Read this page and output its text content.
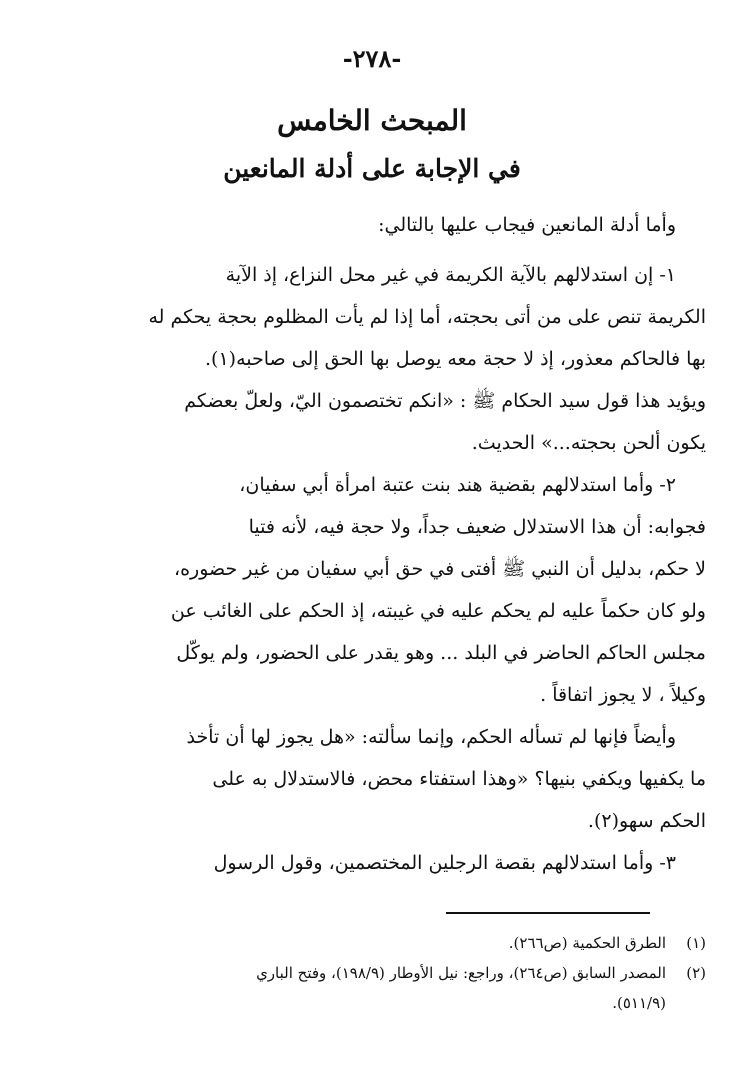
-٢٧٨-
المبحث الخامس
في الإجابة على أدلة المانعين
وأما أدلة المانعين فيجاب عليها بالتالي:
١- إن استدلالهم بالآية الكريمة في غير محل النزاع، إذ الآية
الكريمة تنص على من أتى بحجته، أما إذا لم يأت المظلوم بحجة يحكم له
بها فالحاكم معذور، إذ لا حجة معه يوصل بها الحق إلى صاحبه(١).
ويؤيد هذا قول سيد الحكام ﷺ : «انكم تختصمون اليّ، ولعلّ بعضكم
يكون ألحن بحجته...» الحديث.
٢- وأما استدلالهم بقضية هند بنت عتبة امرأة أبي سفيان،
فجوابه: أن هذا الاستدلال ضعيف جداً، ولا حجة فيه، لأنه فتيا
لا حكم، بدليل أن النبي ﷺ أفتى في حق أبي سفيان من غير حضوره،
ولو كان حكماً عليه لم يحكم عليه في غيبته، إذ الحكم على الغائب عن
مجلس الحاكم الحاضر في البلد ... وهو يقدر على الحضور، ولم يوكّل
وكيلاً ، لا يجوز اتفاقاً .
وأيضاً فإنها لم تسأله الحكم، وإنما سألته: «هل يجوز لها أن تأخذ
ما يكفيها ويكفي بنيها؟ «وهذا استفتاء محض، فالاستدلال به على
الحكم سهو(٢).
٣- وأما استدلالهم بقصة الرجلين المختصمين، وقول الرسول
(١)
الطرق الحكمية (ص٢٦٦).
(٢)
المصدر السابق (ص٢٦٤)، وراجع: نيل الأوطار (١٩٨/٩)، وفتح الباري
(٥١١/٩).
